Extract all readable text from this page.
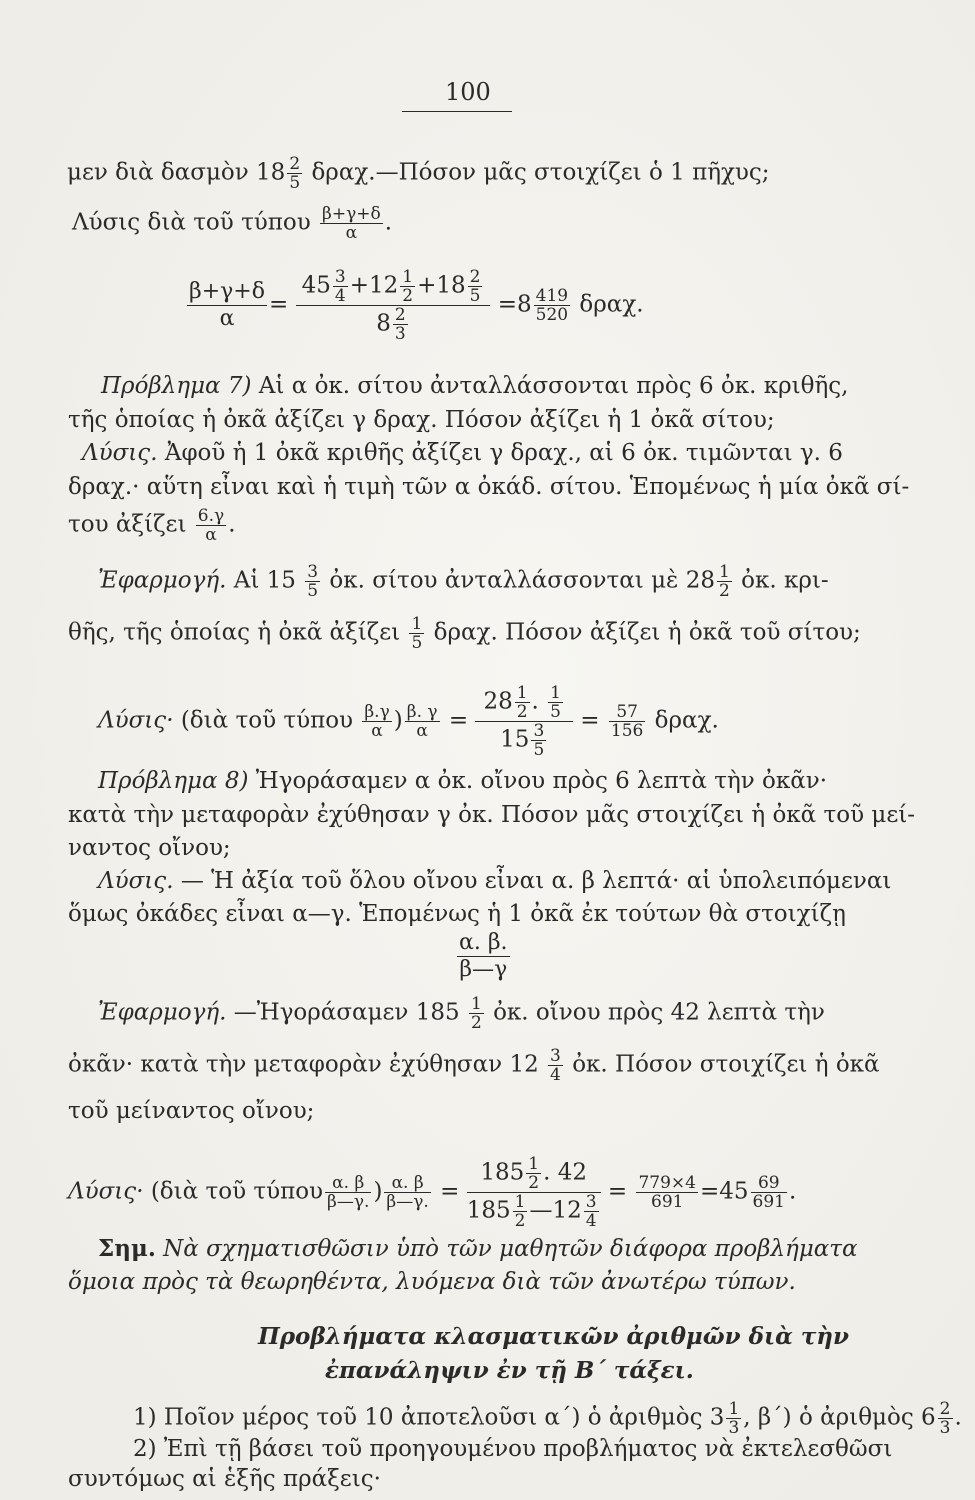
100
μεν διὰ δασμὸν $18 \frac{2}{5}$ δραχ.—Πόσον μᾶς στοιχίζει ὁ 1 πῆχυς;
Λύσις διὰ τοῦ τύπου $\frac{\beta+\gamma+\delta}{\alpha}$ .
$\frac{\beta+\gamma+\delta}{\alpha} = \frac{45 \frac{3}{4} +12 \frac{1}{2} +18 \frac{2}{5}}{8 \frac{2}{3}} =8 \frac{419}{520} \delta\rho\alpha\chi$.
Πρόβλημα 7) Αἱ α ὀκ. σίτου ἀνταλλάσσονται πρὸς 6 ὀκ. κριθῆς,
τῆς ὁποίας ἡ ὀκᾶ ἀξίζει γ δραχ. Πόσον ἀξίζει ἡ 1 ὀκᾶ σίτου;
Λύσις. Ἀφοῦ ἡ 1 ὀκᾶ κριθῆς ἀξίζει γ δραχ., αἱ 6 ὀκ. τιμῶνται γ. 6
δραχ.· αὕτη εἶναι καὶ ἡ τιμὴ τῶν α ὀκάδ. σίτου. Ἑπομένως ἡ μία ὀκᾶ σί-
του ἀξίζει $\frac{6.\gamma}{\alpha}$ .
Ἐφαρμογή. Αἱ $15 \frac{3}{5}$ ὀκ. σίτου ἀνταλλάσσονται μὲ $28 \frac{1}{2}$ ὀκ. κρι-
θῆς, τῆς ὁποίας ἡ ὀκᾶ ἀξίζει $\frac{1}{5} \delta\rho\alpha\chi$. Πόσον ἀξίζει ἡ ὀκᾶ τοῦ σίτου;
Λύσις· (διὰ τοῦ τύπου $\frac{\beta.\gamma}{\alpha}$ ) $\frac{\beta. \gamma}{\alpha} = \frac{28 \frac{1}{2} . \frac{1}{5}}{15 \frac{3}{5}} = \frac{57}{156} \delta\rho\alpha\chi$.
Πρόβλημα 8) Ἠγοράσαμεν α ὀκ. οἴνου πρὸς 6 λεπτὰ τὴν ὀκᾶν·
κατὰ τὴν μεταφορὰν ἐχύθησαν γ ὀκ. Πόσον μᾶς στοιχίζει ἡ ὀκᾶ τοῦ μεί-
ναντος οἴνου;
Λύσις. — Ἡ ἀξία τοῦ ὅλου οἴνου εἶναι α. β λεπτά· αἱ ὑπολειπόμεναι
ὅμως ὀκάδες εἶναι α—γ. Ἑπομένως ἡ 1 ὀκᾶ ἐκ τούτων θὰ στοιχίζῃ
$\frac{\alpha. \beta.}{\beta—\gamma}$
Ἐφαρμογή. —Ἠγοράσαμεν $185 \frac{1}{2}$ ὀκ. οἴνου πρὸς 42 λεπτὰ τὴν
ὀκᾶν· κατὰ τὴν μεταφορὰν ἐχύθησαν $12 \frac{3}{4}$ ὀκ. Πόσον στοιχίζει ἡ ὀκᾶ
τοῦ μείναντος οἴνου;
Λύσις· (διὰ τοῦ τύπου $\frac{\alpha. \beta}{\beta—\gamma.}$ ) $\frac{\alpha. \beta}{\beta—\gamma.} = \frac{185 \frac{1}{2} . 42}{185 \frac{1}{2} —12 \frac{3}{4}} = \frac{779\times 4}{691} =45 \frac{69}{691}$ .
Σημ. Νὰ σχηματισθῶσιν ὑπὸ τῶν μαθητῶν διάφορα προβλήματα
ὅμοια πρὸς τὰ θεωρηθέντα, λυόμενα διὰ τῶν ἀνωτέρω τύπων.
Προβλήματα κλασματικῶν ἀριθμῶν διὰ τὴν
ἐπανάληψιν ἐν τῇ Β΄ τάξει.
1) Ποῖον μέρος τοῦ 10 ἀποτελοῦσι α΄) ὁ ἀριθμὸς $3 \frac{1}{3}$ , β΄) ὁ ἀριθμὸς $6 \frac{2}{3}$ .
2) Ἐπὶ τῇ βάσει τοῦ προηγουμένου προβλήματος νὰ ἐκτελεσθῶσι
συντόμως αἱ ἑξῆς πράξεις·
